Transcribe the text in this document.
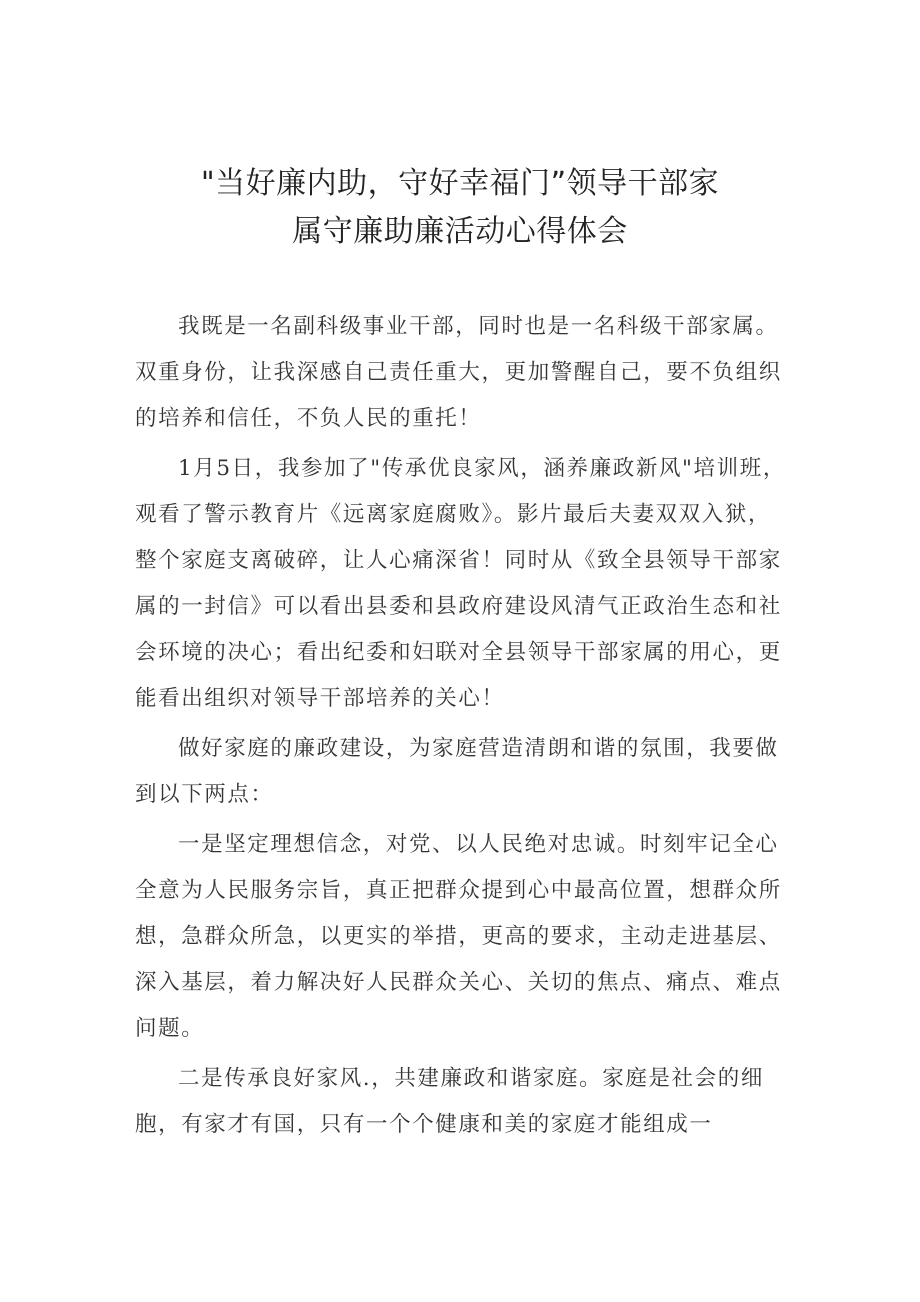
"当好廉内助，守好幸福门”领导干部家
属守廉助廉活动心得体会

我既是一名副科级事业干部，同时也是一名科级干部家属。双重身份，让我深感自己责任重大，更加警醒自己，要不负组织的培养和信任，不负人民的重托！

1月5日，我参加了"传承优良家风，涵养廉政新风"培训班，观看了警示教育片《远离家庭腐败》。影片最后夫妻双双入狱，整个家庭支离破碎，让人心痛深省！同时从《致全县领导干部家属的一封信》可以看出县委和县政府建设风清气正政治生态和社会环境的决心；看出纪委和妇联对全县领导干部家属的用心，更能看出组织对领导干部培养的关心！

做好家庭的廉政建设，为家庭营造清朗和谐的氛围，我要做到以下两点：

一是坚定理想信念，对党、以人民绝对忠诚。时刻牢记全心全意为人民服务宗旨，真正把群众提到心中最高位置，想群众所想，急群众所急，以更实的举措，更高的要求，主动走进基层、深入基层，着力解决好人民群众关心、关切的焦点、痛点、难点问题。

二是传承良好家风.，共建廉政和谐家庭。家庭是社会的细胞，有家才有国，只有一个个健康和美的家庭才能组成一
